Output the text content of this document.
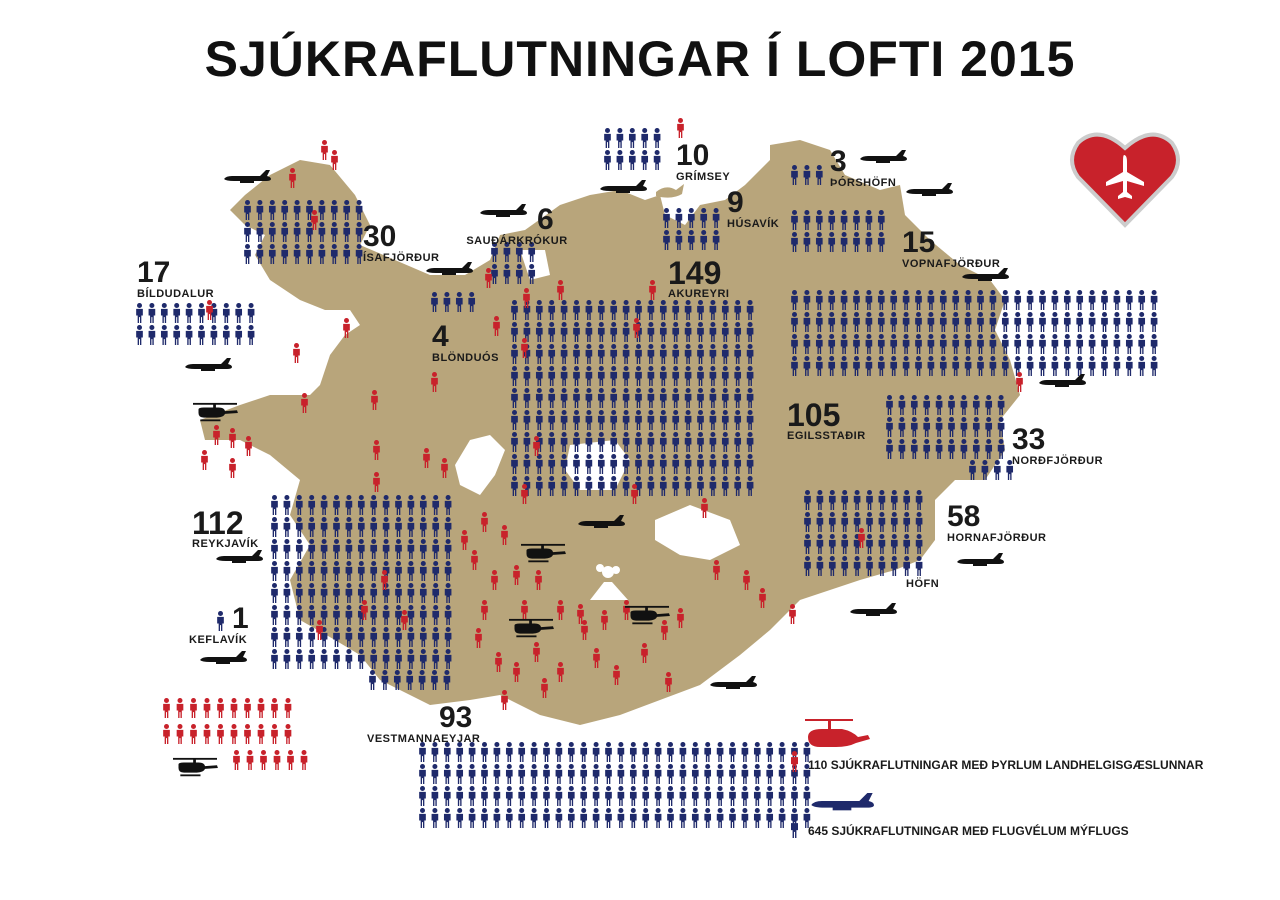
SJÚKRAFLUTNINGAR Í LOFTI 2015
10
GRÍMSEY	3
ÞÓRSHÖFN
9
HÚSAVÍK
6
SAUÐÁRKRÓKUR
30
ÍSAFJÖRÐUR
17
BÍLDUDALUR
4
BLÖNDUÓS
149
AKUREYRI
15
VOPNAFJÖRÐUR
105
EGILSSTAÐIR	33
NORÐFJÖRÐUR
58
HORNAFJÖRÐUR
HÖFN
112
REYKJAVÍK
1
KEFLAVÍK
93
VESTMANNAEYJAR
110 SJÚKRAFLUTNINGAR MEÐ ÞYRLUM LANDHELGISGÆSLUNNAR
645 SJÚKRAFLUTNINGAR MEÐ FLUGVÉLUM MÝFLUGS
